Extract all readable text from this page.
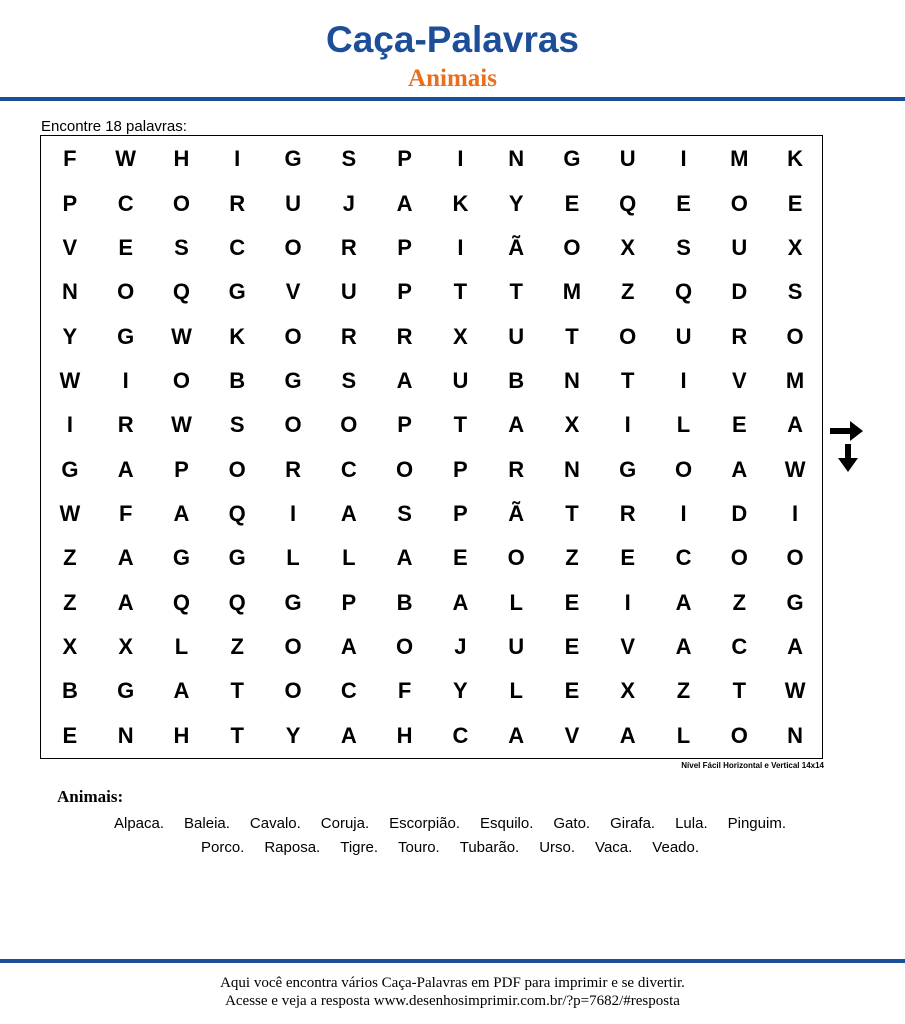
Caça-Palavras
Animais
Encontre 18 palavras:
F	W	H	I	G	S	P	I	N	G	U	I	M	K
P	C	O	R	U	J	A	K	Y	E	Q	E	O	E
V	E	S	C	O	R	P	I	Ã	O	X	S	U	X
N	O	Q	G	V	U	P	T	T	M	Z	Q	D	S
Y	G	W	K	O	R	R	X	U	T	O	U	R	O
W	I	O	B	G	S	A	U	B	N	T	I	V	M
I	R	W	S	O	O	P	T	A	X	I	L	E	A
G	A	P	O	R	C	O	P	R	N	G	O	A	W
W	F	A	Q	I	A	S	P	Ã	T	R	I	D	I
Z	A	G	G	L	L	A	E	O	Z	E	C	O	O
Z	A	Q	Q	G	P	B	A	L	E	I	A	Z	G
X	X	L	Z	O	A	O	J	U	E	V	A	C	A
B	G	A	T	O	C	F	Y	L	E	X	Z	T	W
E	N	H	T	Y	A	H	C	A	V	A	L	O	N
Nível Fácil Horizontal e Vertical 14x14
Animais:
Alpaca. Baleia. Cavalo. Coruja. Escorpião. Esquilo. Gato. Girafa. Lula. Pinguim.
Porco. Raposa. Tigre. Touro. Tubarão. Urso. Vaca. Veado.
Aqui você encontra vários Caça-Palavras em PDF para imprimir e se divertir.
Acesse e veja a resposta www.desenhosimprimir.com.br/?p=7682/#resposta
